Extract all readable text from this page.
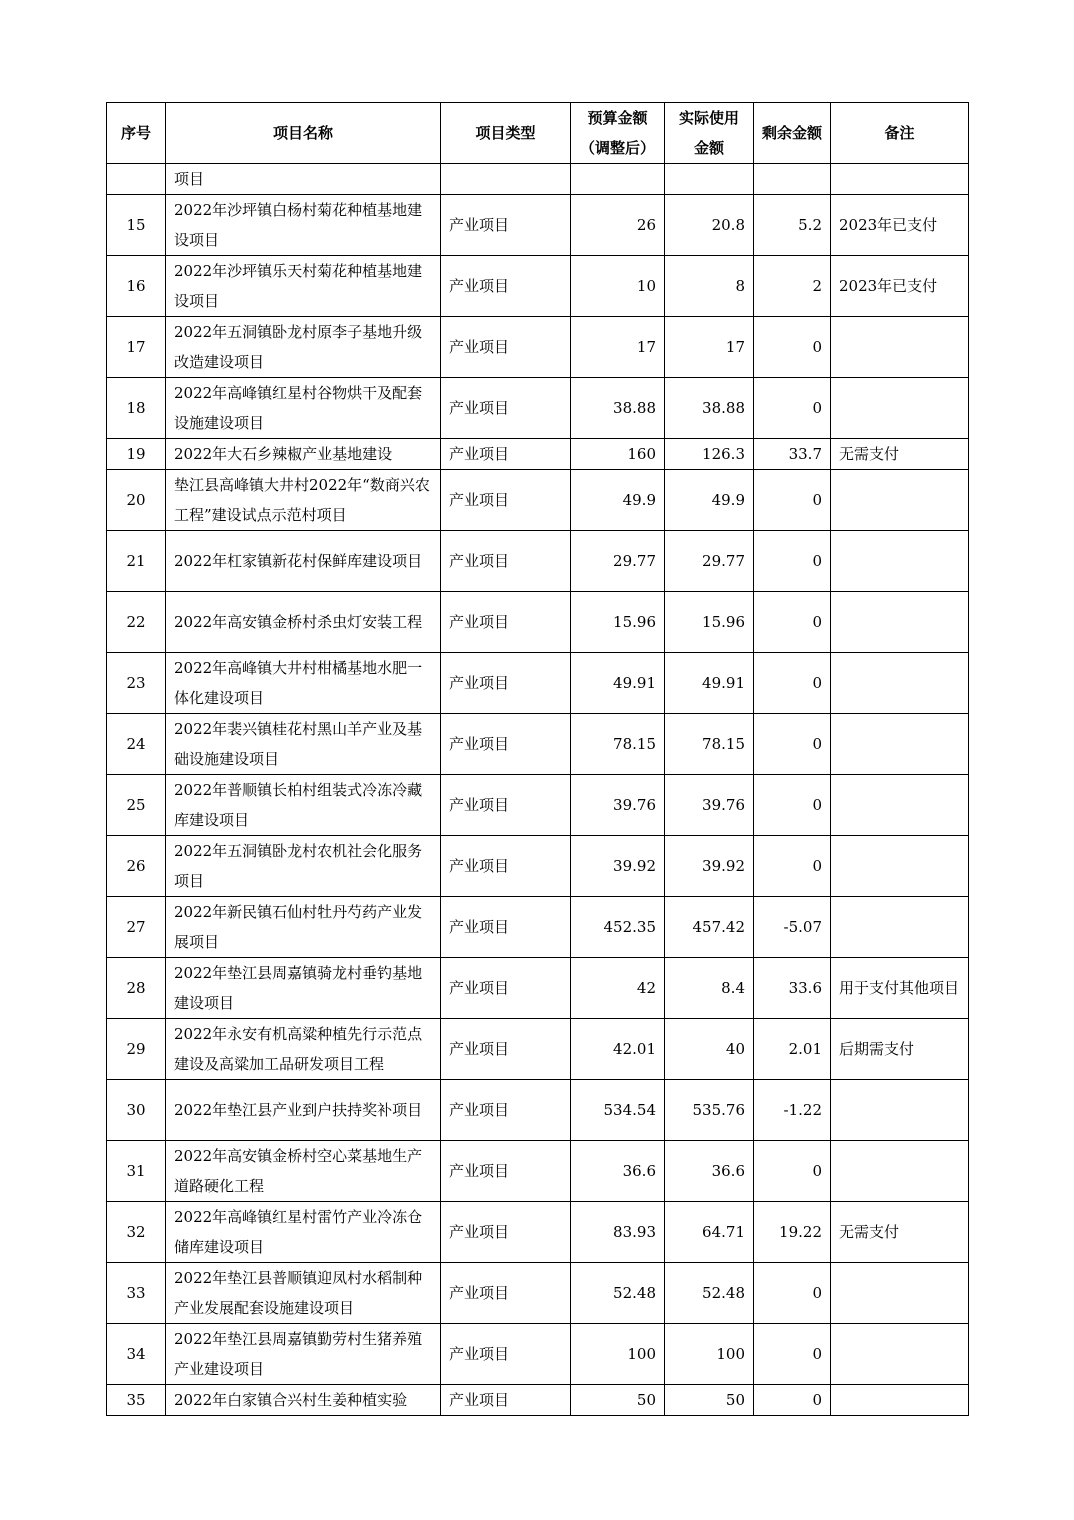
序号	项目名称	项目类型	预算金额（调整后）	实际使用金额	剩余金额	备注
	项目					
15	2022年沙坪镇白杨村菊花种植基地建设项目	产业项目	26	20.8	5.2	2023年已支付
16	2022年沙坪镇乐天村菊花种植基地建设项目	产业项目	10	8	2	2023年已支付
17	2022年五洞镇卧龙村原李子基地升级改造建设项目	产业项目	17	17	0	
18	2022年高峰镇红星村谷物烘干及配套设施建设项目	产业项目	38.88	38.88	0	
19	2022年大石乡辣椒产业基地建设	产业项目	160	126.3	33.7	无需支付
20	垫江县高峰镇大井村2022年“数商兴农工程”建设试点示范村项目	产业项目	49.9	49.9	0	
21	2022年杠家镇新花村保鲜库建设项目	产业项目	29.77	29.77	0	
22	2022年高安镇金桥村杀虫灯安装工程	产业项目	15.96	15.96	0	
23	2022年高峰镇大井村柑橘基地水肥一体化建设项目	产业项目	49.91	49.91	0	
24	2022年裴兴镇桂花村黑山羊产业及基础设施建设项目	产业项目	78.15	78.15	0	
25	2022年普顺镇长柏村组装式冷冻冷藏库建设项目	产业项目	39.76	39.76	0	
26	2022年五洞镇卧龙村农机社会化服务项目	产业项目	39.92	39.92	0	
27	2022年新民镇石仙村牡丹芍药产业发展项目	产业项目	452.35	457.42	-5.07	
28	2022年垫江县周嘉镇骑龙村垂钓基地建设项目	产业项目	42	8.4	33.6	用于支付其他项目
29	2022年永安有机高粱种植先行示范点建设及高粱加工品研发项目工程	产业项目	42.01	40	2.01	后期需支付
30	2022年垫江县产业到户扶持奖补项目	产业项目	534.54	535.76	-1.22	
31	2022年高安镇金桥村空心菜基地生产道路硬化工程	产业项目	36.6	36.6	0	
32	2022年高峰镇红星村雷竹产业冷冻仓储库建设项目	产业项目	83.93	64.71	19.22	无需支付
33	2022年垫江县普顺镇迎凤村水稻制种产业发展配套设施建设项目	产业项目	52.48	52.48	0	
34	2022年垫江县周嘉镇勤劳村生猪养殖产业建设项目	产业项目	100	100	0	
35	2022年白家镇合兴村生姜种植实验	产业项目	50	50	0	
